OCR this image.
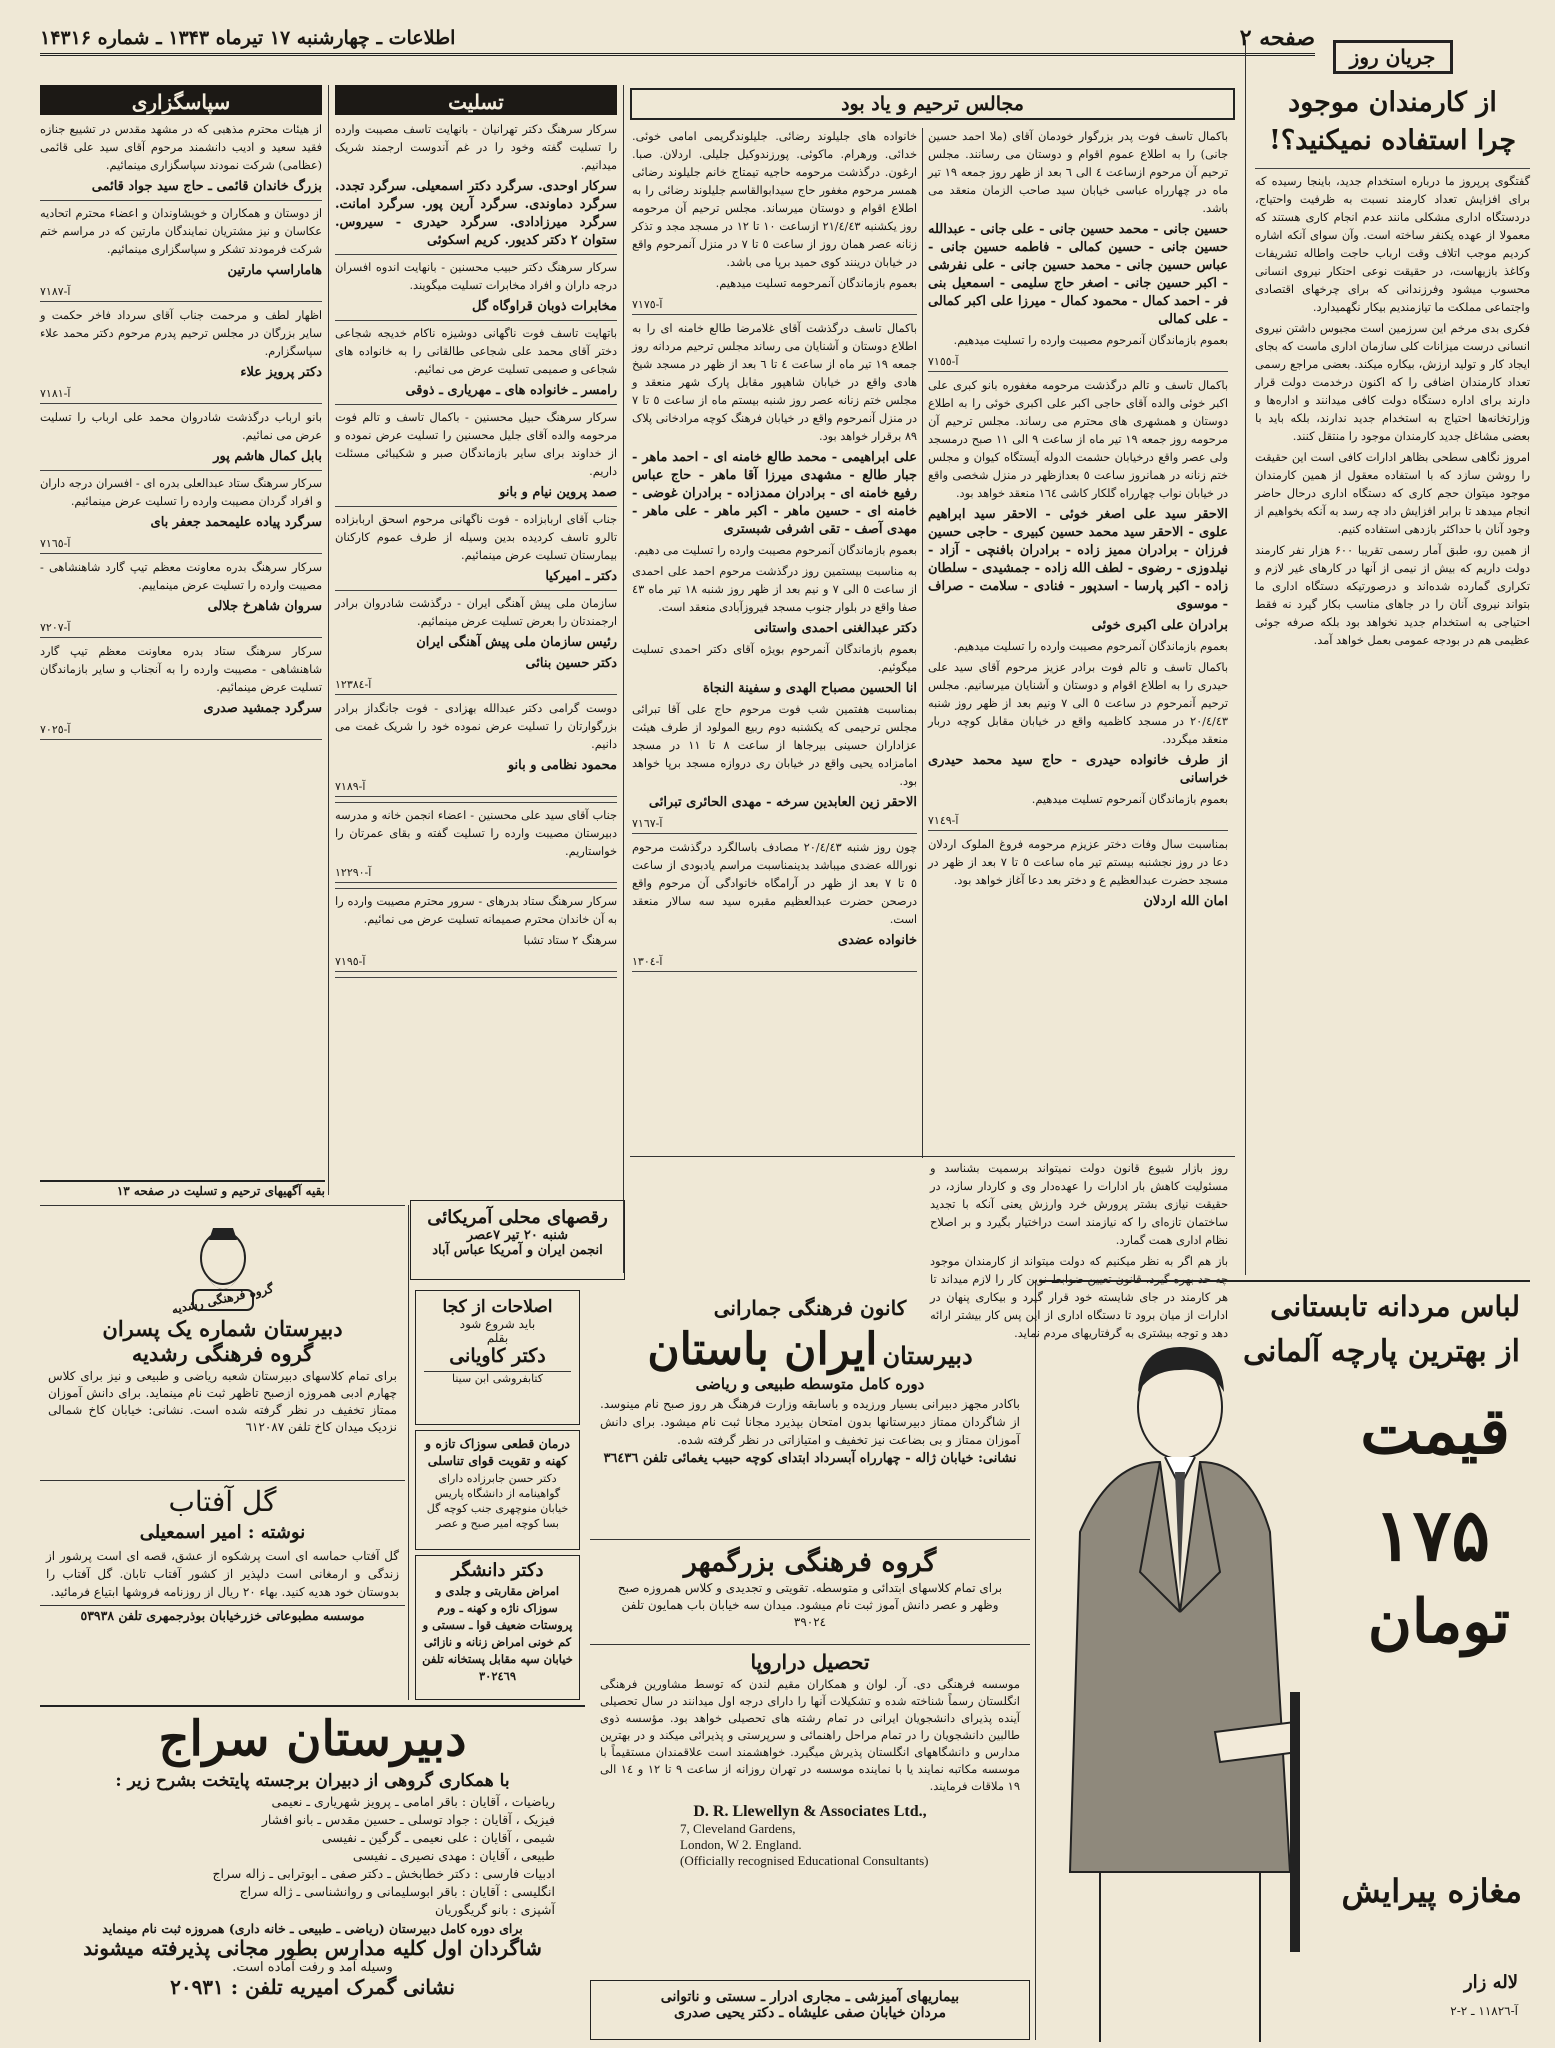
صفحه ۲
اطلاعات ـ چهارشنبه ۱۷ تیرماه ۱۳۴۳ ـ شماره ۱۴۳۱۶
جریان روز
از کارمندان موجود
چرا استفاده نمیکنید؟!

گفتگوی پرپروز ما درباره استخدام جدید، باینجا رسیده که برای افزایش تعداد کارمند نسبت به ظرفیت واحتیاج، دردستگاه اداری مشکلی مانند عدم انجام کاری هستند که معمولا از عهده یکنفر ساخته است. وآن سوای آنکه اشاره کردیم موجب اتلاف وقت ارباب حاجت واطاله تشریفات وکاغذ بازیهاست، در حقیقت نوعی احتکار نیروی انسانی محسوب میشود وفرزندانی که برای چرخهای اقتصادی واجتماعی مملکت ما تیازمندیم بیکار نگهمیدارد.

فکری بدی مرخم این سرزمین است مجبوس داشتن نیروی انسانی درست میزانات کلی سازمان اداری ماست که بجای ایجاد کار و تولید ارزش، بیکاره میکند. بعضی مراجع رسمی تعداد کارمندان اضافی را که اکنون درخدمت دولت قرار دارند برای اداره دستگاه دولت کافی میدانند و اداره‌ها و وزارتخانه‌ها احتیاج به استخدام جدید ندارند، بلکه باید با بعضی مشاغل جدید کارمندان موجود را منتقل کنند.

امروز نگاهی سطحی بظاهر ادارات کافی است این حقیقت را روشن سازد که با استفاده معقول از همین کارمندان موجود میتوان حجم کاری که دستگاه اداری درحال حاضر انجام میدهد تا برابر افزایش داد چه رسد به آنکه بخواهیم از وجود آنان با حداکثر بازدهی استفاده کنیم.

از همین رو، طبق آمار رسمی تقریبا ۶۰۰ هزار نفر کارمند دولت داریم که بیش از نیمی از آنها در کارهای غیر لازم و تکراری گمارده شده‌اند و درصورتیکه دستگاه اداری ما بتواند نیروی آنان را در جاهای مناسب بکار گیرد نه فقط احتیاجی به استخدام جدید نخواهد بود بلکه صرفه جوئی عظیمی هم در بودجه عمومی بعمل خواهد آمد.

مجالس ترحیم و یاد بود

باکمال تاسف فوت پدر بزرگوار خودمان آقای (ملا احمد حسین جانی) را به اطلاع عموم اقوام و دوستان می رسانند. مجلس ترحیم آن مرحوم ازساعت ٤ الی ٦ بعد از ظهر روز جمعه ١٩ تیر ماه در چهارراه عباسی خیابان سید صاحب الزمان منعقد می باشد.

حسین جانی - محمد حسین جانی - علی جانی - عبدالله حسین جانی - حسین کمالی - فاطمه حسین جانی - عباس حسین جانی - محمد حسین جانی - علی نفرشی - اکبر حسین جانی - اصغر حاج سلیمی - اسمعیل بنی فر - احمد کمال - محمود کمال - میرزا علی اکبر کمالی - علی کمالی

بعموم بازماندگان آنمرحوم مصیبت وارده را تسلیت میدهیم.

آ-٧١٥٥

باکمال تاسف و تالم درگذشت مرحومه مغفوره بانو کبری علی اکبر خوئی والده آقای حاجی اکبر علی اکبری خوئی را به اطلاع دوستان و همشهری های محترم می رساند. مجلس ترحیم آن مرحومه روز جمعه ١٩ تیر ماه از ساعت ٩ الی ١١ صبح درمسجد ولی عصر واقع درخیابان حشمت الدوله آیستگاه کیوان و مجلس ختم زنانه در همانروز ساعت ٥ بعدازظهر در منزل شخصی واقع در خیابان نواب چهارراه گلکار کاشی ١٦٤ منعقد خواهد بود.

الاحقر سید علی اصغر خوئی - الاحقر سید ابراهیم علوی - الاحقر سید محمد حسین کبیری - حاجی حسین فرزان - برادران ممیز زاده - برادران بافنچی - آزاد - نیلدوزی - رضوی - لطف الله زاده - جمشیدی - سلطان زاده - اکبر پارسا - اسدپور - فنادی - سلامت - صراف - موسوی

برادران علی اکبری خوئی

بعموم بازماندگان آنمرحوم مصیبت وارده را تسلیت میدهیم.

باکمال تاسف و تالم فوت برادر عزیز مرحوم آقای سید علی حیدری را به اطلاع اقوام و دوستان و آشنایان میرسانیم. مجلس ترحیم آنمرحوم در ساعت ٥ الی ٧ ونیم بعد از ظهر روز شنبه ٢٠/٤/٤٣ در مسجد کاظمیه واقع در خیابان مقابل کوچه دربار منعقد میگردد.

از طرف خانواده حیدری - حاج سید محمد حیدری خراسانی

بعموم بازماندگان آنمرحوم تسلیت میدهیم.

آ-٧١٤٩

بمناسبت سال وفات دختر عزیزم مرحومه فروغ الملوک اردلان دعا در روز نجشنبه بیستم تیر ماه ساعت ٥ تا ٧ بعد از ظهر در مسجد حضرت عبدالعظیم ع و دختر بعد دعا آغاز خواهد بود.

امان الله اردلان

خانواده های جلیلوند رضائی. جلیلوندگریمی امامی خوئی. خدائی. ورهرام. ماکوئی. پورزندوکیل جلیلی. اردلان. صبا. ارغون. درگذشت مرحومه حاجیه تیمتاج خانم جلیلوند رضائی همسر مرحوم مغفور حاج سیدابوالقاسم جلیلوند رضائی را به اطلاع اقوام و دوستان میرساند. مجلس ترحیم آن مرحومه روز یکشنبه ٢١/٤/٤٣ ازساعت ١٠ تا ١٢ در مسجد مجد و تذکر زنانه عصر همان روز از ساعت ٥ تا ٧ در منزل آنمرحوم واقع در خیابان درینند کوی حمید برپا می باشد.

بعموم بازماندگان آنمرحومه تسلیت میدهیم.

آ-٧١٧٥

باکمال تاسف درگذشت آقای غلامرضا طالع خامنه ای را به اطلاع دوستان و آشنایان می رساند مجلس ترحیم مردانه روز جمعه ١٩ تیر ماه از ساعت ٤ تا ٦ بعد از ظهر در مسجد شیخ هادی واقع در خیابان شاهپور مقابل پارک شهر منعقد و مجلس ختم زنانه عصر روز شنبه بیستم ماه از ساعت ٥ تا ٧ در منزل آنمرحوم واقع در خیابان فرهنگ کوچه مرادخانی پلاک ٨٩ برقرار خواهد بود.

علی ابراهیمی - محمد طالع خامنه ای - احمد ماهر - جبار طالع - مشهدی میرزا آقا ماهر - حاج عباس رفیع خامنه ای - برادران ممدزاده - برادران غوضی - خامنه ای - حسین ماهر - اکبر ماهر - علی ماهر - مهدی آصف - تقی اشرفی شبستری

بعموم بازماندگان آنمرحوم مصیبت وارده را تسلیت می دهیم.

به مناسبت بیستمین روز درگذشت مرحوم احمد علی احمدی از ساعت ٥ الی ٧ و نیم بعد از ظهر روز شنبه ١٨ تیر ماه ٤٣ صفا واقع در بلوار جنوب مسجد فیروزآبادی منعقد است.

دکتر عبدالغنی احمدی واستانی

بعموم بازماندگان آنمرحوم بویژه آقای دکتر احمدی تسلیت میگوئیم.

انا الحسین مصباح الهدی و سفینة النجاة

بمناسبت هفتمین شب فوت مرحوم حاج علی آقا تبرائی مجلس ترحیمی که یکشنبه دوم ربیع المولود از طرف هیئت عزاداران حسینی بیرجاها از ساعت ٨ تا ١١ در مسجد امامزاده یحیی واقع در خیابان ری دروازه مسجد برپا خواهد بود.

الاحقر زین العابدین سرخه - مهدی الحائری تبرائی

آ-٧١٦٧

چون روز شنبه ٢٠/٤/٤٣ مصادف باسالگرد درگذشت مرحوم نورالله عضدی میباشد بدینمناسبت مراسم یادبودی از ساعت ٥ تا ٧ بعد از ظهر در آرامگاه خانوادگی آن مرحوم واقع درصحن حضرت عبدالعظیم مقبره سید سه سالار منعقد است.

خانواده عضدی

آ-١٣٠٤

روز بازار شیوع قانون دولت نمیتواند برسمیت بشناسد و مسئولیت کاهش بار ادارات را عهده‌دار وی و کاردار سازد، در حقیقت نیازی بشتر پرورش خرد وارزش یعنی آنکه با تجدید ساختمان تازه‌ای را که نیازمند است دراختیار بگیرد و بر اصلاح نظام اداری همت گمارد.

باز هم اگر به نظر میکنیم که دولت میتواند از کارمندان موجود چه حد بهره گیرد، قانون تعیین ضوابط نوین کار را لازم میداند تا هر کارمند در جای شایسته خود قرار گیرد و بیکاری پنهان در ادارات از میان برود تا دستگاه اداری از این پس کار بیشتر ارائه دهد و توجه بیشتری به گرفتاریهای مردم نماید.

تسلیت

سرکار سرهنگ دکتر تهرانیان - بانهایت تاسف مصیبت وارده را تسلیت گفته وخود را در غم آندوست ارجمند شریک میدانیم.

سرکار اوحدی. سرگرد دکتر اسمعیلی. سرگرد تجدد. سرگرد دماوندی. سرگرد آرین پور. سرگرد امانت. سرگرد میرزادادی. سرگرد حیدری - سیروس. ستوان ۲ دکتر کدیور. کریم اسکوئی

سرکار سرهنگ دکتر حبیب محسنین - بانهایت اندوه افسران درجه داران و افراد مخابرات تسلیت میگویند.

مخابرات ذوبان قراوگاه گل

باتهایت تاسف فوت ناگهانی دوشیزه ناکام خدیجه شجاعی دختر آقای محمد علی شجاعی طالقانی را به خانواده های شجاعی و صمیمی تسلیت عرض می نمائیم.

رامسر ـ خانواده های ـ مهریاری ـ ذوقی

سرکار سرهنگ حبیل محسنین - باکمال تاسف و تالم فوت مرحومه والده آقای جلیل محسنین را تسلیت عرض نموده و از خداوند برای سایر بازماندگان صبر و شکیبائی مسئلت داریم.

صمد پروین نیام و بانو

جناب آقای اربابزاده - فوت ناگهانی مرحوم اسحق اربابزاده تالرو تاسف کردیده بدین وسیله از طرف عموم کارکنان بیمارستان تسلیت عرض مینمائیم.

دکتر ـ امیرکیا

سازمان ملی پیش آهنگی ایران - درگذشت شادروان برادر ارجمندتان را بعرض تسلیت عرض مینمائیم.

رئیس سازمان ملی پیش آهنگی ایران

دکتر حسین بنائی

آ-١٢٣٨٤

دوست گرامی دکتر عبدالله بهزادی - فوت جانگداز برادر بزرگوارتان را تسلیت عرض نموده خود را شریک غمت می دانیم.

محمود نظامی و بانو

آ-٧١٨٩

جناب آقای سید علی محسنین - اعضاء انجمن خانه و مدرسه دبیرستان مصیبت وارده را تسلیت گفته و بقای عمرتان را خواستاریم.

آ-١٢٢٩٠

سرکار سرهنگ ستاد بدرهای - سرور محترم مصیبت وارده را به آن خاندان محترم صمیمانه تسلیت عرض می نمائیم.

سرهنگ ۲ ستاد تشبا

آ-٧١٩٥
سپاسگزاری

از هیئات محترم مذهبی که در مشهد مقدس در تشییع جنازه فقید سعید و ادیب دانشمند مرحوم آقای سید علی قائمی (عظامی) شرکت نمودند سپاسگزاری مینمائیم.

بزرگ خاندان قائمی ـ حاج سید جواد قائمی

از دوستان و همکاران و خویشاوندان و اعضاء محترم اتحادیه عکاسان و نیز مشتریان نمایندگان مارتین که در مراسم ختم شرکت فرمودند تشکر و سپاسگزاری مینمائیم.

هاماراسپ مارتین

آ-٧١٨٧

اظهار لطف و مرحمت جناب آقای سرداد فاخر حکمت و سایر بزرگان در مجلس ترحیم پدرم مرحوم دکتر محمد علاء سپاسگزارم.

دکتر پرویز علاء

آ-٧١٨١

بانو ارباب درگذشت شادروان محمد علی ارباب را تسلیت عرض می نمائیم.

بابل کمال هاشم پور

سرکار سرهنگ ستاد عبدالعلی بدره ای - افسران درجه داران و افراد گردان مصیبت وارده را تسلیت عرض مینمائیم.

سرگرد پیاده علیمحمد جعفر بای

آ-٧١٦٥

سرکار سرهنگ بدره معاونت معظم تیپ گارد شاهنشاهی - مصیبت وارده را تسلیت عرض مینماییم.

سروان شاهرخ جلالی

آ-٧٢٠٧

سرکار سرهنگ ستاد بدره معاونت معظم تیپ گارد شاهنشاهی - مصیبت وارده را به آنجناب و سایر بازماندگان تسلیت عرض مینمائیم.

سرگرد جمشید صدری

آ-٧٠٢٥
بقیه آگهیهای ترحیم و تسلیت در صفحه ۱۳
رقصهای محلی آمریکائی
شنبه ٢٠ تیر ٧عصر
انجمن ایران و آمریکا عباس آباد
گروه فرهنگی رشدیه
دبیرستان شماره یک پسران
گروه فرهنگی رشدیه
برای تمام کلاسهای دبیرستان شعبه ریاضی و طبیعی و نیز برای کلاس چهارم ادبی همروزه ازصبح تاظهر ثبت نام مینماید. برای دانش آموزان ممتاز تخفیف در نظر گرفته شده است. نشانی: خیابان کاخ شمالی نزدیک میدان کاخ تلفن ٦١٢٠٨٧
گل آفتاب
نوشته : امیر اسمعیلی
گل آفتاب حماسه ای است پرشکوه از عشق، قصه ای است پرشور از زندگی و ارمغانی است دلپذیر از کشور آفتاب تابان. گل آفتاب را بدوستان خود هدیه کنید. بهاء ٢٠ ریال از روزنامه فروشها ابتیاع فرمائید.
موسسه مطبوعاتی خزرخیابان بوذرجمهری تلفن ٥٣٩٣٨
دبیرستان سراج
با همکاری گروهی از دبیران برجسته پایتخت بشرح زیر :
ریاضیات ، آقایان : باقر امامی ـ پرویز شهریاری ـ نعیمی
فیزیک ، آقایان : جواد توسلی ـ حسین مقدس ـ بانو افشار
شیمی ، آقایان : علی نعیمی ـ گرگین ـ نفیسی
طبیعی ، آقایان : مهدی نصیری ـ نفیسی
ادبیات فارسی : دکتر خطابخش ـ دکتر صفی ـ ابوترابی ـ زاله سراج
انگلیسی : آقایان : باقر ابوسلیمانی و روانشناسی ـ ژاله سراج
آشپزی : بانو گریگوریان
برای دوره کامل دبیرستان (ریاضی ـ طبیعی ـ خانه داری) همروزه ثبت نام مینماید
شاگردان اول کلیه مدارس بطور مجانی پذیرفته میشوند
وسیله آمد و رفت آماده است.
نشانی گمرک امیریه تلفن : ۲۰۹۳۱
اصلاحات از کجا
باید شروع شود
بقلم
دکتر کاویانی
کتابفروشی ابن سینا
درمان قطعی سوزاک تازه و کهنه و تقویت قوای تناسلی
دکتر حسن جابرزاده دارای گواهینامه از دانشگاه پاریس خیابان منوچهری جنب کوچه گل بسا کوچه امیر صبح و عصر
دکتر دانشگر
امراض مقاربتی و جلدی و سوزاک ناژه و کهنه ـ ورم پروستات ضعیف قوا ـ سستی و کم خونی امراض زنانه و نازائی خیابان سپه مقابل پستخانه تلفن ٣٠٢٤٦٩
کانون فرهنگی جمارانی
دبیرستان ایران باستان
دوره کامل متوسطه طبیعی و ریاضی
باکادر مجهز دبیرانی بسیار ورزیده و باسابقه وزارت فرهنگ هر روز صبح نام مینوسد. از شاگردان ممتاز دبیرستانها بدون امتحان بپذیرد مجانا ثبت نام میشود. برای دانش آموزان ممتاز و بی بضاعت نیز تخفیف و امتیازاتی در نظر گرفته شده.
نشانی: خیابان ژاله - چهارراه آبسرداد ابتدای کوچه حبیب یغمائی تلفن ٣٦٤٣٦
گروه فرهنگی بزرگمهر
برای تمام کلاسهای ابتدائی و متوسطه. تقویتی و تجدیدی و کلاس همروزه صبح وظهر و عصر دانش آموز ثبت نام میشود. میدان سه خیابان باب همایون تلفن ٣٩٠٢٤
تحصیل دراروپا
موسسه فرهنگی دی. آر. لوان و همکاران مقیم لندن که توسط مشاورین فرهنگی انگلستان رسماً شناخته شده و تشکیلات آنها را دارای درجه اول میدانند در سال تحصیلی آینده پذیرای دانشجویان ایرانی در تمام رشته های تحصیلی خواهد بود. مؤسسه ذوی طالبین دانشجویان را در تمام مراحل راهنمائی و سرپرستی و پذیرائی میکند و در بهترین مدارس و دانشگاههای انگلستان پذیرش میگیرد. خواهشمند است علاقمندان مستقیماً با موسسه مکاتبه نمایند یا با نماینده موسسه در تهران روزانه از ساعت ٩ تا ١٢ و ١٤ الی ١٩ ملاقات فرمایند.
D. R. Llewellyn & Associates Ltd.,
7, Cleveland Gardens,
London, W 2. England.
(Officially recognised Educational Consultants)
بیماریهای آمیزشی ـ مجاری ادرار ـ سستی و ناتوانی
مردان خیابان صفی علیشاه ـ دکتر یحیی صدری
لباس مردانه تابستانی
از بهترین پارچه آلمانی
قیمت
۱۷۵
تومان
مغازه پیرایش
لاله زار
آ-١١٨٢٦ ـ ٢-٢
